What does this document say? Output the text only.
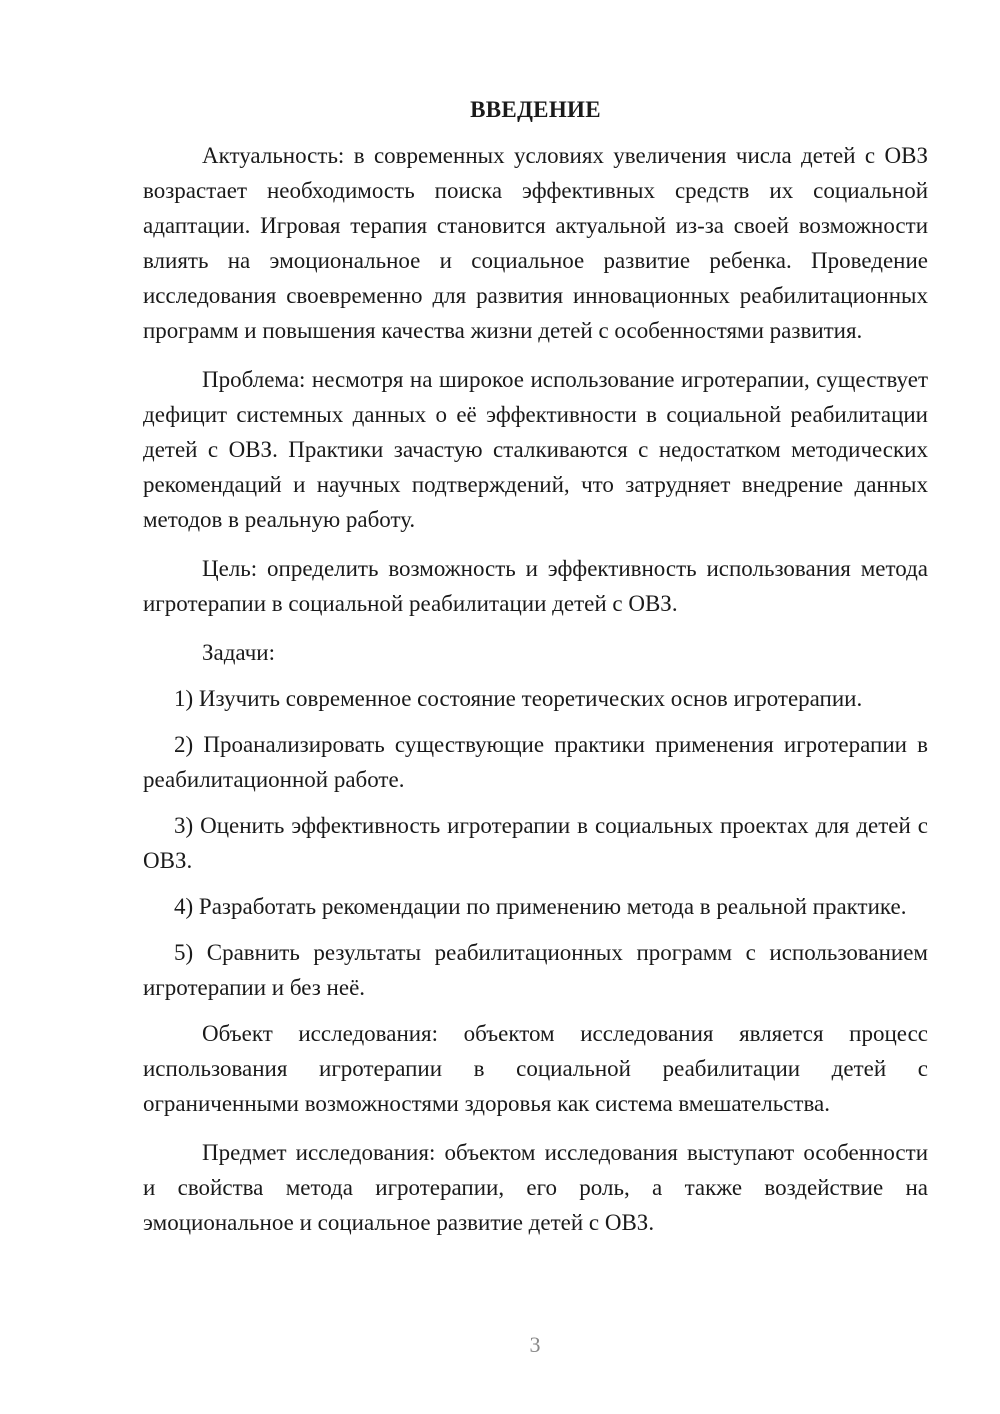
ВВЕДЕНИЕ

Актуальность: в современных условиях увеличения числа детей с ОВЗ возрастает необходимость поиска эффективных средств их социальной адаптации. Игровая терапия становится актуальной из-за своей возможности влиять на эмоциональное и социальное развитие ребенка. Проведение исследования своевременно для развития инновационных реабилитационных программ и повышения качества жизни детей с особенностями развития.

Проблема: несмотря на широкое использование игротерапии, существует дефицит системных данных о её эффективности в социальной реабилитации детей с ОВЗ. Практики зачастую сталкиваются с недостатком методических рекомендаций и научных подтверждений, что затрудняет внедрение данных методов в реальную работу.

Цель: определить возможность и эффективность использования метода игротерапии в социальной реабилитации детей с ОВЗ.

Задачи:

1) Изучить современное состояние теоретических основ игротерапии.

2) Проанализировать существующие практики применения игротерапии в реабилитационной работе.

3) Оценить эффективность игротерапии в социальных проектах для детей с ОВЗ.

4) Разработать рекомендации по применению метода в реальной практике.

5) Сравнить результаты реабилитационных программ с использованием игротерапии и без неё.

Объект исследования: объектом исследования является процесс использования игротерапии в социальной реабилитации детей с ограниченными возможностями здоровья как система вмешательства.

Предмет исследования: объектом исследования выступают особенности и свойства метода игротерапии, его роль, а также воздействие на эмоциональное и социальное развитие детей с ОВЗ.

3
